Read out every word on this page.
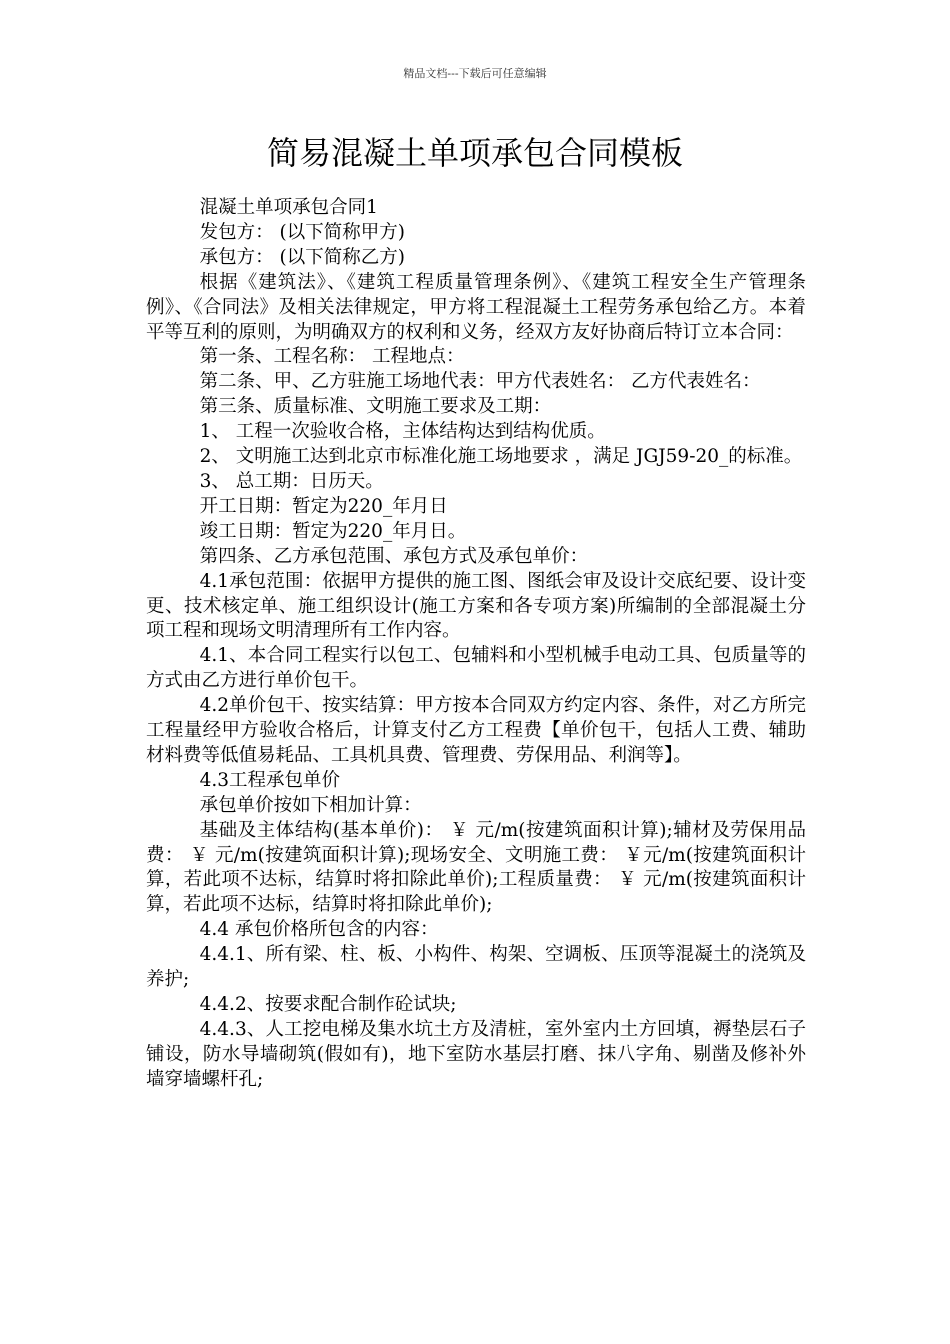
精品文档---下载后可任意编辑
简易混凝土单项承包合同模板

混凝土单项承包合同1

发包方： (以下简称甲方)

承包方： (以下简称乙方)

根据《建筑法》、《建筑工程质量管理条例》、《建筑工程安全生产管理条例》、《合同法》及相关法律规定，甲方将工程混凝土工程劳务承包给乙方。本着平等互利的原则，为明确双方的权利和义务，经双方友好协商后特订立本合同：

第一条、工程名称： 工程地点：

第二条、甲、乙方驻施工场地代表：甲方代表姓名： 乙方代表姓名：

第三条、质量标准、文明施工要求及工期：

1、 工程一次验收合格，主体结构达到结构优质。

2、 文明施工达到北京市标准化施工场地要求 ，满足 JGJ59-20_的标准。

3、 总工期：日历天。

开工日期：暂定为220_年月日

竣工日期：暂定为220_年月日。

第四条、乙方承包范围、承包方式及承包单价：

4.1承包范围：依据甲方提供的施工图、图纸会审及设计交底纪要、设计变更、技术核定单、施工组织设计(施工方案和各专项方案)所编制的全部混凝土分项工程和现场文明清理所有工作内容。

4.1、本合同工程实行以包工、包辅料和小型机械手电动工具、包质量等的方式由乙方进行单价包干。

4.2单价包干、按实结算：甲方按本合同双方约定内容、条件，对乙方所完工程量经甲方验收合格后，计算支付乙方工程费【单价包干，包括人工费、辅助材料费等低值易耗品、工具机具费、管理费、劳保用品、利润等】。

4.3工程承包单价

承包单价按如下相加计算：

基础及主体结构(基本单价)： ￥ 元/m(按建筑面积计算);辅材及劳保用品费： ￥ 元/m(按建筑面积计算);现场安全、文明施工费： ￥元/m(按建筑面积计算，若此项不达标，结算时将扣除此单价);工程质量费： ￥ 元/m(按建筑面积计算，若此项不达标，结算时将扣除此单价);

4.4 承包价格所包含的内容：

4.4.1、所有梁、柱、板、小构件、构架、空调板、压顶等混凝土的浇筑及养护;

4.4.2、按要求配合制作砼试块;

4.4.3、人工挖电梯及集水坑土方及清桩，室外室内土方回填，褥垫层石子铺设，防水导墙砌筑(假如有)，地下室防水基层打磨、抹八字角、剔凿及修补外墙穿墙螺杆孔;
